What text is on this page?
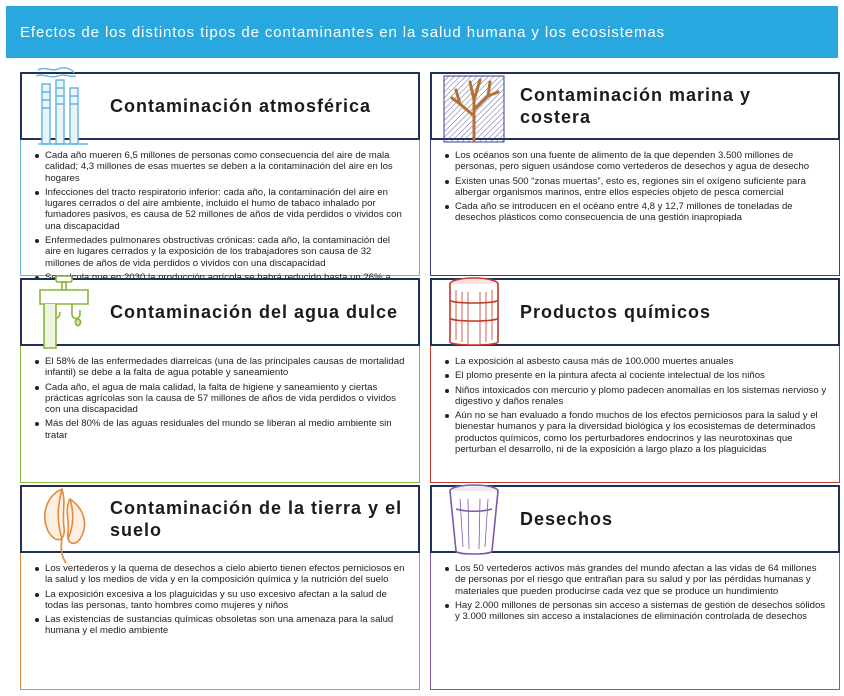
Efectos de los distintos tipos de contaminantes en la salud humana y los ecosistemas
Cada año mueren 6,5 millones de personas como consecuencia del aire de mala calidad; 4,3 millones de esas muertes se deben a la contaminación del aire en los hogares
Infecciones del tracto respiratorio inferior: cada año, la contaminación del aire en lugares cerrados o del aire ambiente, incluido el humo de tabaco inhalado por fumadores pasivos, es causa de 52 millones de años de vida perdidos o vividos con una discapacidad
Enfermedades pulmonares obstructivas crónicas: cada año, la contaminación del aire en lugares cerrados y la exposición de los trabajadores son causa de 32 millones de años de vida perdidos o vividos con una discapacidad
Contaminación atmosférica
Los océanos son una fuente de alimento de la que dependen 3.500 millones de personas, pero siguen usándose como vertederos de desechos y agua de desecho
Existen unas 500 “zonas muertas”, esto es, regiones sin el oxígeno suficiente para albergar organismos marinos, entre ellos especies objeto de pesca comercial
Cada año se introducen en el océano entre 4,8 y 12,7 millones de toneladas de desechos plásticos como consecuencia de una gestión inapropiada
Contaminación marina y costera
El 58% de las enfermedades diarreicas (una de las principales causas de mortalidad infantil) se debe a la falta de agua potable y saneamiento
Cada año, el agua de mala calidad, la falta de higiene y saneamiento y ciertas prácticas agrícolas son la causa de 57 millones de años de vida perdidos o vividos con una discapacidad
Más del 80% de las aguas residuales del mundo se liberan al medio ambiente sin tratar
Contaminación del agua dulce
La exposición al asbesto causa más de 100.000 muertes anuales
El plomo presente en la pintura afecta al cociente intelectual de los niños
Niños intoxicados con mercurio y plomo padecen anomalías en los sistemas nervioso y digestivo y daños renales
Aún no se han evaluado a fondo muchos de los efectos perniciosos para la salud y el bienestar humanos y para la diversidad biológica y los ecosistemas de determinados productos químicos, como los perturbadores endocrinos y las neurotoxinas que perturban el desarrollo, ni de la exposición a largo plazo a los plaguicidas
Productos químicos
Los vertederos y la quema de desechos a cielo abierto tienen efectos perniciosos en la salud y los medios de vida y en la composición química y la nutrición del suelo
La exposición excesiva a los plaguicidas y su uso excesivo afectan a la salud de todas las personas, tanto hombres como mujeres y niños
Las existencias de sustancias químicas obsoletas son una amenaza para la salud humana y el medio ambiente
Contaminación de la tierra y el suelo
Los 50 vertederos activos más grandes del mundo afectan a las vidas de 64 millones de personas por el riesgo que entrañan para su salud y por las pérdidas humanas y materiales que pueden producirse cada vez que se produce un hundimiento
Hay 2.000 millones de personas sin acceso a sistemas de gestión de desechos sólidos y 3.000 millones sin acceso a instalaciones de eliminación controlada de desechos
Desechos
